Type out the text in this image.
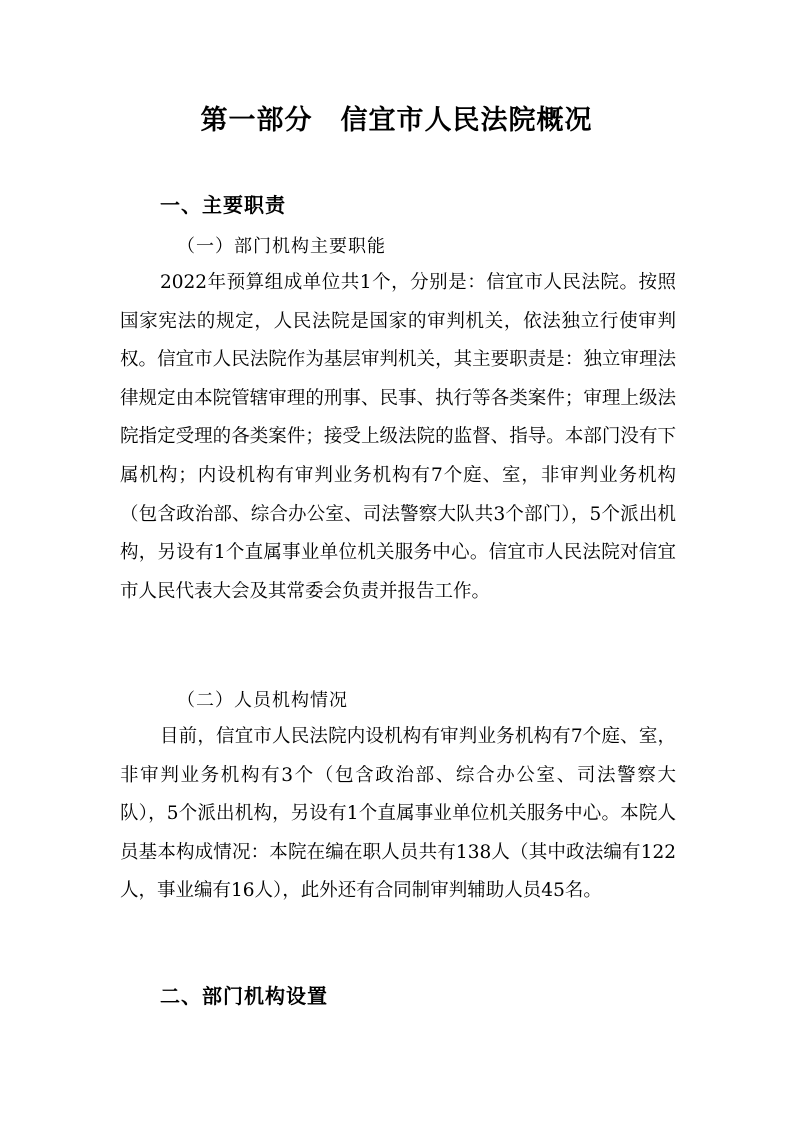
第一部分　信宜市人民法院概况
一、主要职责
（一）部门机构主要职能

2022年预算组成单位共1个，分别是：信宜市人民法院。按照国家宪法的规定，人民法院是国家的审判机关，依法独立行使审判权。信宜市人民法院作为基层审判机关，其主要职责是：独立审理法律规定由本院管辖审理的刑事、民事、执行等各类案件；审理上级法院指定受理的各类案件；接受上级法院的监督、指导。本部门没有下属机构；内设机构有审判业务机构有7个庭、室，非审判业务机构（包含政治部、综合办公室、司法警察大队共3个部门），5个派出机构，另设有1个直属事业单位机关服务中心。信宜市人民法院对信宜市人民代表大会及其常委会负责并报告工作。

（二）人员机构情况

目前，信宜市人民法院内设机构有审判业务机构有7个庭、室，非审判业务机构有3个（包含政治部、综合办公室、司法警察大队），5个派出机构，另设有1个直属事业单位机关服务中心。本院人员基本构成情况：本院在编在职人员共有138人（其中政法编有122人，事业编有16人），此外还有合同制审判辅助人员45名。

二、部门机构设置
